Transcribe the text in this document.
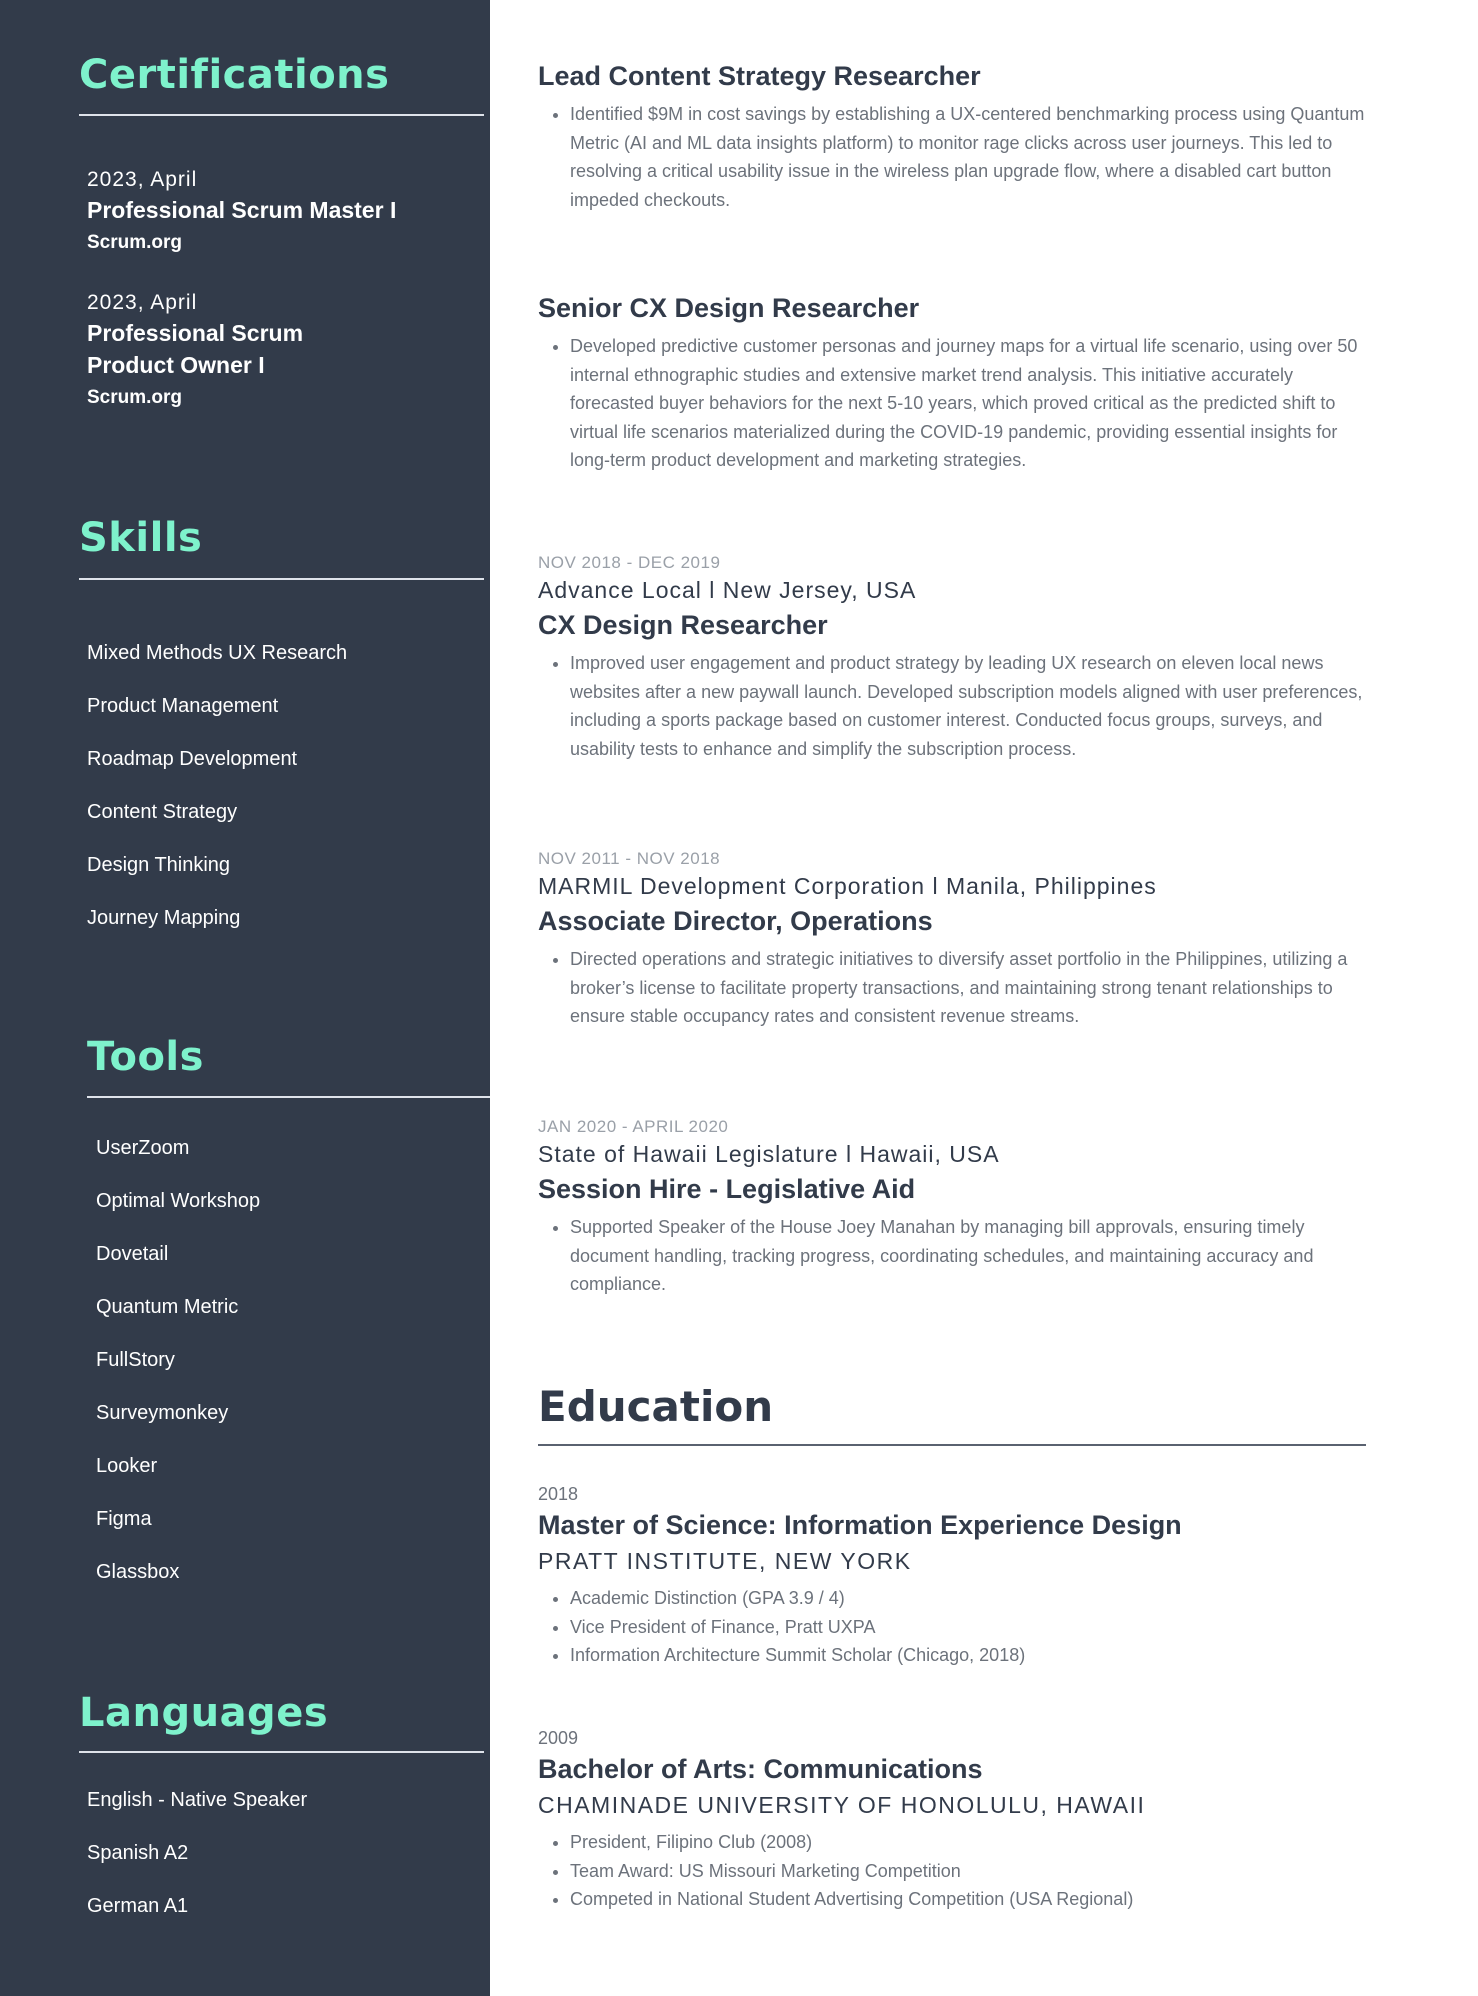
Certifications
2023, April
Professional Scrum Master I
Scrum.org
2023, April
Professional Scrum Product Owner I
Scrum.org
Skills
Mixed Methods UX Research
Product Management
Roadmap Development
Content Strategy
Design Thinking
Journey Mapping
Tools
UserZoom
Optimal Workshop
Dovetail
Quantum Metric
FullStory
Surveymonkey
Looker
Figma
Glassbox
Languages
English - Native Speaker
Spanish A2
German A1
Lead Content Strategy Researcher
• Identified $9M in cost savings by establishing a UX-centered benchmarking process using Quantum Metric (AI and ML data insights platform) to monitor rage clicks across user journeys. This led to resolving a critical usability issue in the wireless plan upgrade flow, where a disabled cart button impeded checkouts.
Senior CX Design Researcher
• Developed predictive customer personas and journey maps for a virtual life scenario, using over 50 internal ethnographic studies and extensive market trend analysis. This initiative accurately forecasted buyer behaviors for the next 5-10 years, which proved critical as the predicted shift to virtual life scenarios materialized during the COVID-19 pandemic, providing essential insights for long-term product development and marketing strategies.
NOV 2018 - DEC 2019
Advance Local l New Jersey, USA
CX Design Researcher
• Improved user engagement and product strategy by leading UX research on eleven local news websites after a new paywall launch. Developed subscription models aligned with user preferences, including a sports package based on customer interest. Conducted focus groups, surveys, and usability tests to enhance and simplify the subscription process.
NOV 2011 - NOV 2018
MARMIL Development Corporation l Manila, Philippines
Associate Director, Operations
• Directed operations and strategic initiatives to diversify asset portfolio in the Philippines, utilizing a broker’s license to facilitate property transactions, and maintaining strong tenant relationships to ensure stable occupancy rates and consistent revenue streams.
JAN 2020 - APRIL 2020
State of Hawaii Legislature l Hawaii, USA
Session Hire - Legislative Aid
• Supported Speaker of the House Joey Manahan by managing bill approvals, ensuring timely document handling, tracking progress, coordinating schedules, and maintaining accuracy and compliance.
Education
2018
Master of Science: Information Experience Design
PRATT INSTITUTE, NEW YORK
• Academic Distinction (GPA 3.9 / 4)
• Vice President of Finance, Pratt UXPA
• Information Architecture Summit Scholar (Chicago, 2018)
2009
Bachelor of Arts: Communications
CHAMINADE UNIVERSITY OF HONOLULU, HAWAII
• President, Filipino Club (2008)
• Team Award: US Missouri Marketing Competition
• Competed in National Student Advertising Competition (USA Regional)
